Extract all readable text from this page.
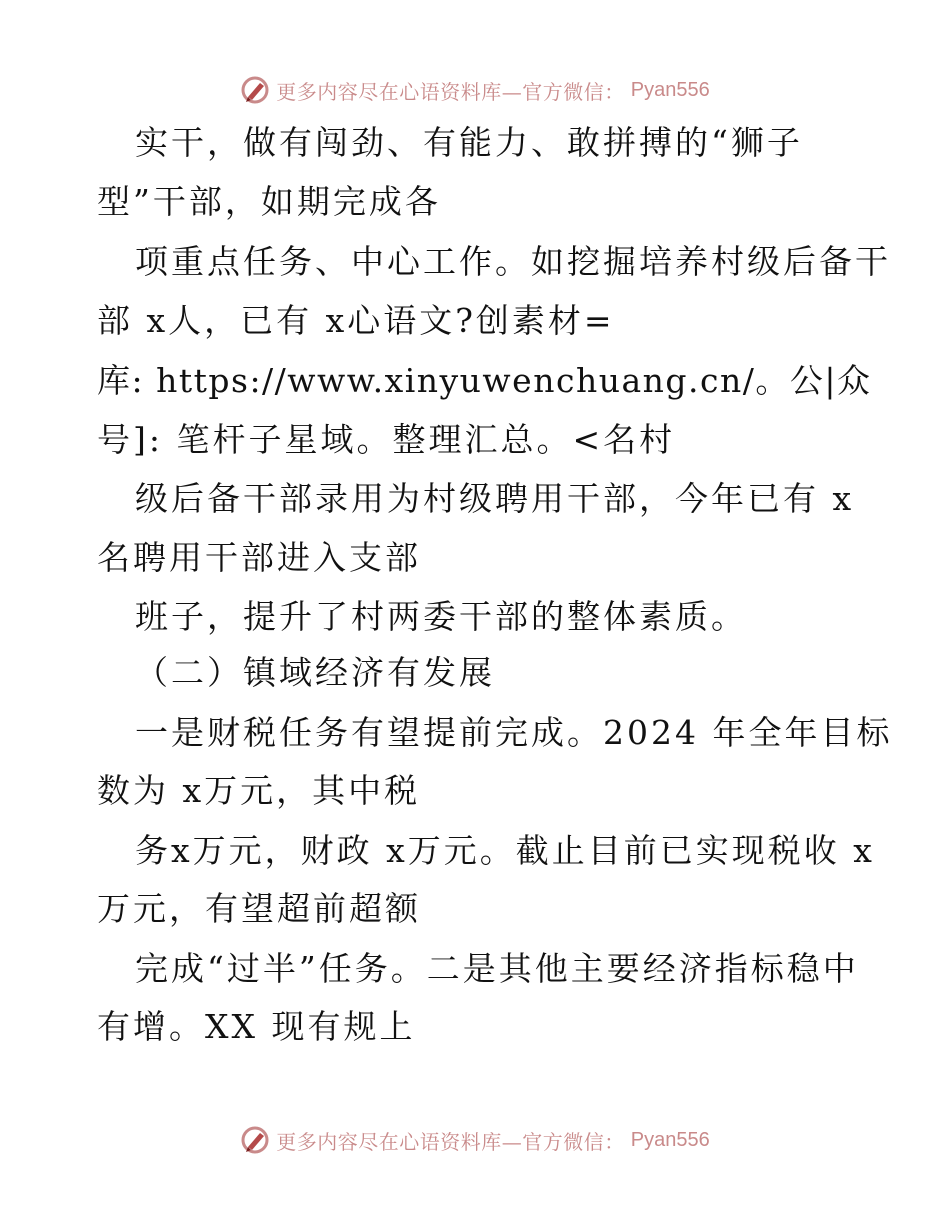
更多内容尽在心语资料库—官方微信： Pyan556
实干，做有闯劲、有能力、敢拼搏的“狮子
型”干部，如期完成各
项重点任务、中心工作。如挖掘培养村级后备干
部 x人，已有 x心语文?创素材=
库: https://www.xinyuwenchuang.cn/。公|众
号]: 笔杆子星域。整理汇总。<名村
级后备干部录用为村级聘用干部，今年已有 x
名聘用干部进入支部
班子，提升了村两委干部的整体素质。
（二）镇域经济有发展
一是财税任务有望提前完成。2024 年全年目标
数为 x万元，其中税
务x万元，财政 x万元。截止目前已实现税收 x
万元，有望超前超额
完成“过半”任务。二是其他主要经济指标稳中
有增。XX 现有规上
更多内容尽在心语资料库—官方微信： Pyan556
